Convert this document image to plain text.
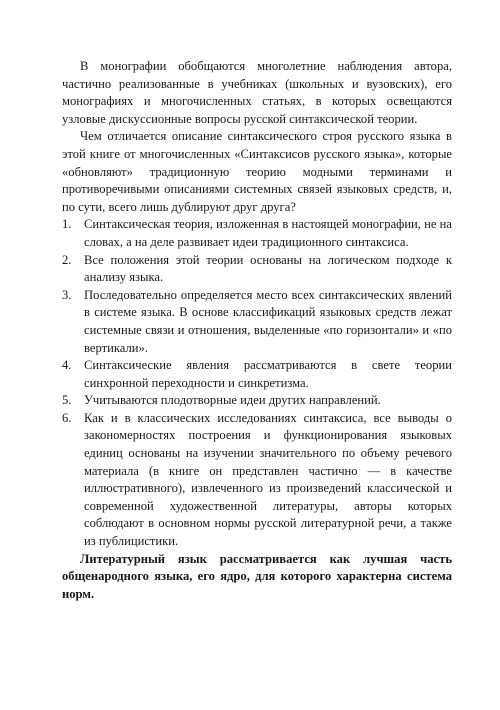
В монографии обобщаются многолетние наблюдения автора, частично реализованные в учебниках (школьных и вузовских), его монографиях и многочисленных статьях, в которых освещаются узловые дискуссионные вопросы русской синтаксической теории.

Чем отличается описание синтаксического строя русского языка в этой книге от многочисленных «Синтаксисов русского языка», которые «обновляют» традиционную теорию модными терминами и противоречивыми описаниями системных связей языковых средств, и, по сути, всего лишь дублируют друг друга?

1. Синтаксическая теория, изложенная в настоящей монографии, не на словах, а на деле развивает идеи традиционного синтаксиса.
2. Все положения этой теории основаны на логическом подходе к анализу языка.
3. Последовательно определяется место всех синтаксических явлений в системе языка. В основе классификаций языковых средств лежат системные связи и отношения, выделенные «по горизонтали» и «по вертикали».
4. Синтаксические явления рассматриваются в свете теории синхронной переходности и синкретизма.
5. Учитываются плодотворные идеи других направлений.
6. Как и в классических исследованиях синтаксиса, все выводы о закономерностях построения и функционирования языковых единиц основаны на изучении значительного по объему речевого материала (в книге он представлен частично — в качестве иллюстративного), извлеченного из произведений классической и современной художественной литературы, авторы которых соблюдают в основном нормы русской литературной речи, а также из публицистики.

Литературный язык рассматривается как лучшая часть общенародного языка, его ядро, для которого характерна система норм.
